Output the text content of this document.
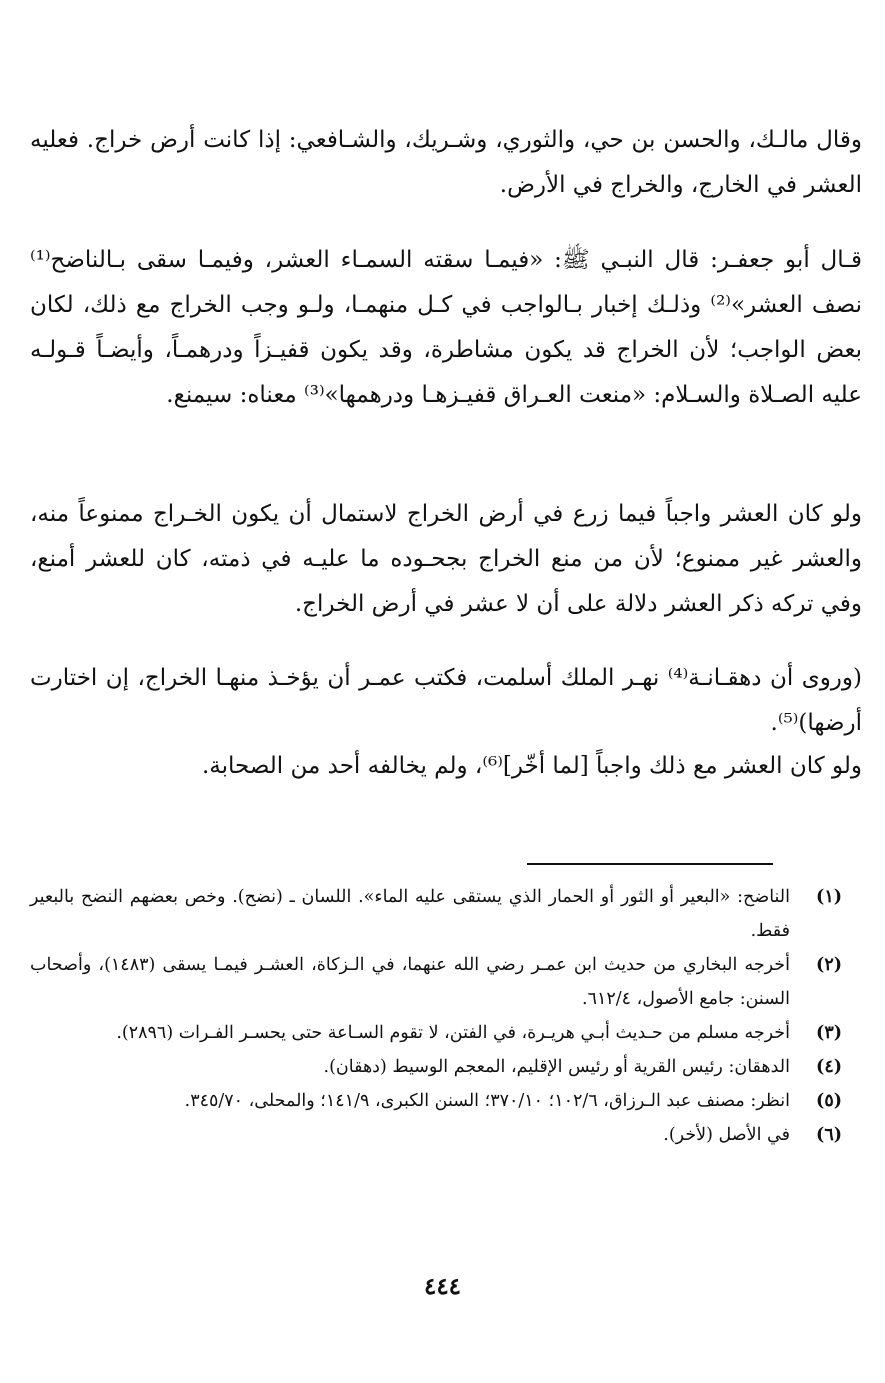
وقال مالـك، والحسن بن حي، والثوري، وشـريك، والشـافعي: إذا كانت أرض خراج. فعليه العشر في الخارج، والخراج في الأرض.

قـال أبو جعفـر: قال النبـي ﷺ: «فيمـا سقته السمـاء العشر، وفيمـا سقى بـالناضح⁽¹⁾ نصف العشر»⁽²⁾ وذلـك إخبار بـالواجب في كـل منهمـا، ولـو وجب الخراج مع ذلك، لكان بعض الواجب؛ لأن الخراج قد يكون مشاطرة، وقد يكون قفيـزاً ودرهمـاً، وأيضـاً قـولـه عليه الصـلاة والسـلام: «منعت العـراق قفيـزهـا ودرهمها»⁽³⁾ معناه: سيمنع.

ولو كان العشر واجباً فيما زرع في أرض الخراج لاستمال أن يكون الخـراج ممنوعاً منه، والعشر غير ممنوع؛ لأن من منع الخراج بجحـوده ما عليـه في ذمته، كان للعشر أمنع، وفي تركه ذكر العشر دلالة على أن لا عشر في أرض الخراج.

(وروى أن دهقـانـة⁽⁴⁾ نهـر الملك أسلمت، فكتب عمـر أن يؤخـذ منهـا الخراج، إن اختارت أرضها)⁽⁵⁾.

ولو كان العشر مع ذلك واجباً [لما أخّر]⁽⁶⁾، ولم يخالفه أحد من الصحابة.

(١)
الناضح: «البعير أو الثور أو الحمار الذي يستقى عليه الماء». اللسان ـ (نضح). وخص بعضهم النضح بالبعير فقط.
(٢)
أخرجه البخاري من حديث ابن عمـر رضي الله عنهما، في الـزكاة، العشـر فيمـا يسقى (١٤٨٣)، وأصحاب السنن: جامع الأصول، ٦١٢/٤.
(٣)
أخرجه مسلم من حـديث أبـي هريـرة، في الفتن، لا تقوم السـاعة حتى يحسـر الفـرات (٢٨٩٦).
(٤)
الدهقان: رئيس القرية أو رئيس الإقليم، المعجم الوسيط (دهقان).
(٥)
انظر: مصنف عبد الـرزاق، ١٠٢/٦؛ ٣٧٠/١٠؛ السنن الكبرى، ١٤١/٩؛ والمحلى، ٣٤٥/٧٠.
(٦)
في الأصل (لأخر).
٤٤٤
